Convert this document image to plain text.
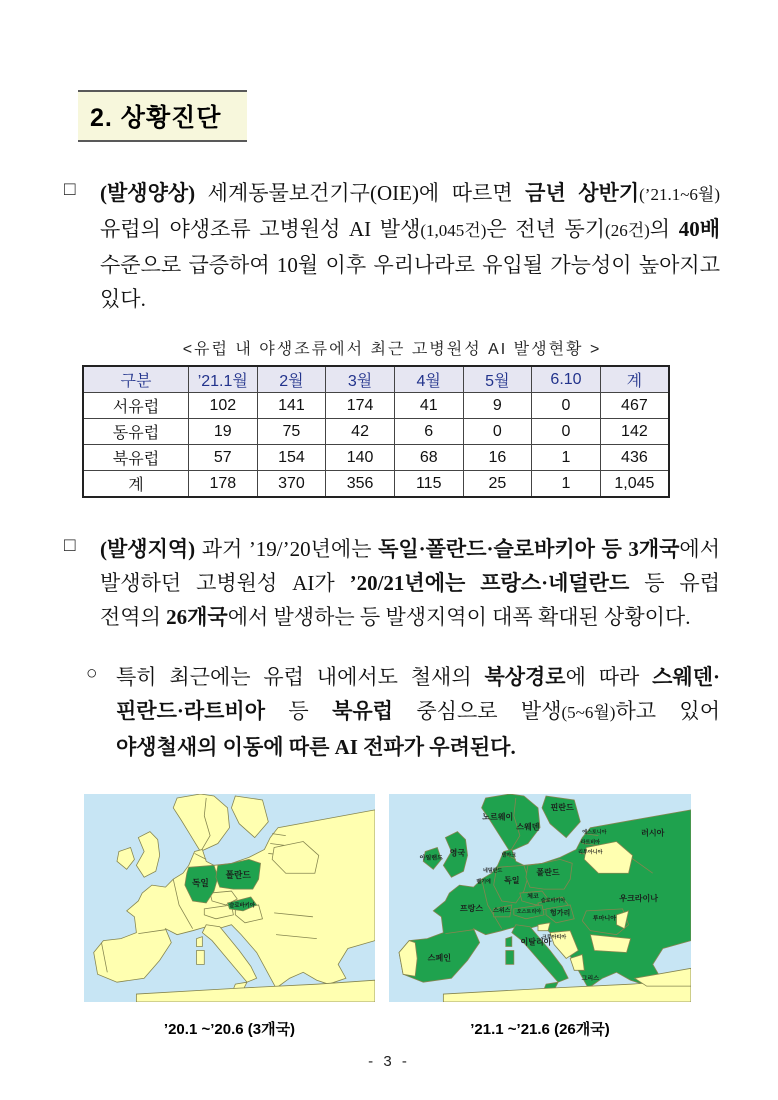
2. 상황진단
□	(발생양상) 세계동물보건기구(OIE)에 따르면 금년 상반기(’21.1~6월) 유럽의 야생조류 고병원성 AI 발생(1,045건)은 전년 동기(26건)의 40배 수준으로 급증하여 10월 이후 우리나라로 유입될 가능성이 높아지고 있다.
<유럽 내 야생조류에서 최근 고병원성 AI 발생현황 >
구분	’21.1월	2월	3월	4월	5월	6.10	계
서유럽	102	141	174	41	9	0	467
동유럽	19	75	42	6	0	0	142
북유럽	57	154	140	68	16	1	436
계	178	370	356	115	25	1	1,045
□	(발생지역) 과거 ’19/’20년에는 독일·폴란드·슬로바키아 등 3개국에서 발생하던 고병원성 AI가 ’20/21년에는 프랑스·네덜란드 등 유럽 전역의 26개국에서 발생하는 등 발생지역이 대폭 확대된 상황이다.
○ 특히 최근에는 유럽 내에서도 철새의 북상경로에 따라 스웨덴·핀란드·라트비아 등 북유럽 중심으로 발생(5~6월)하고 있어 야생철새의 이동에 따른 AI 전파가 우려된다.
독일
폴란드
슬로바키아
’20.1 ~’20.6 (3개국)
노르웨이
스웨덴
핀란드
러시아
에스토니아
라트비아
리투아니아
아일랜드
영국	덴마크
네덜란드
벨기에 독일
폴란드
체코
슬로바키아
오스트리아 헝가리
우크라이나
루마니아
프랑스 스위스
크로아티아
이탈리아
스페인
그리스
’21.1 ~’21.6 (26개국)
- 3 -
